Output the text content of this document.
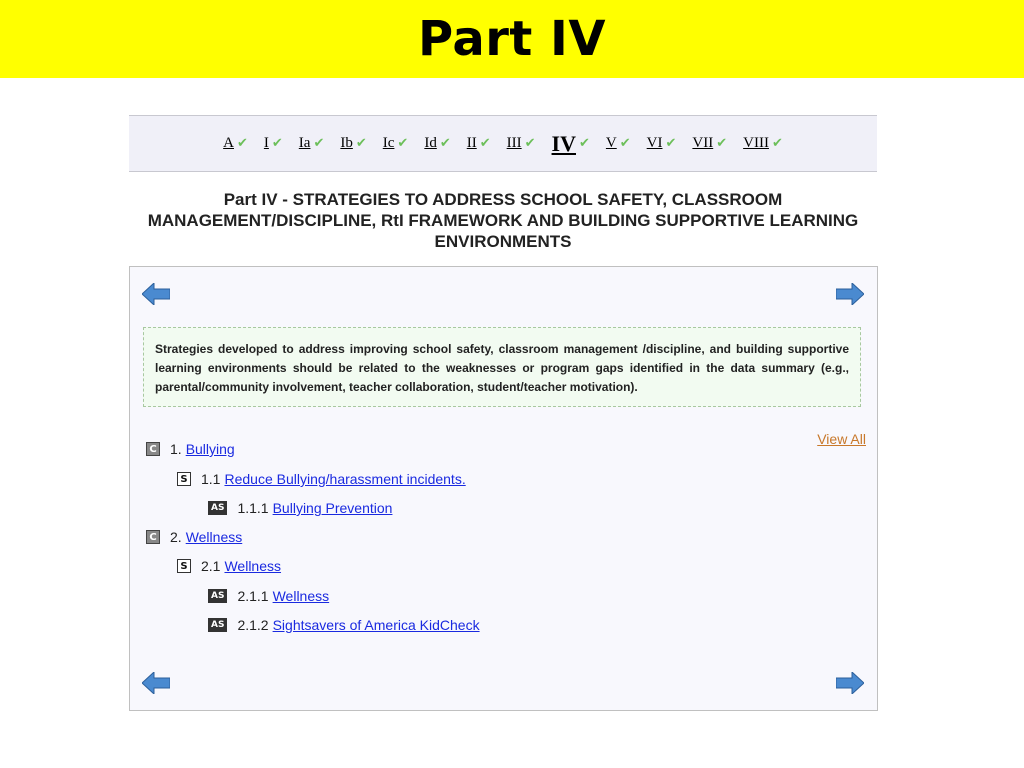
Part IV
A ✔ I ✔ Ia ✔ Ib ✔ Ic ✔ Id ✔ II ✔ III ✔ IV ✔ V ✔ VI ✔ VII ✔ VIII ✔
Part IV - STRATEGIES TO ADDRESS SCHOOL SAFETY, CLASSROOM MANAGEMENT/DISCIPLINE, RtI FRAMEWORK AND BUILDING SUPPORTIVE LEARNING ENVIRONMENTS
Strategies developed to address improving school safety, classroom management /discipline, and building supportive learning environments should be related to the weaknesses or program gaps identified in the data summary (e.g., parental/community involvement, teacher collaboration, student/teacher motivation).
View All
C 1. Bullying
S 1.1 Reduce Bullying/harassment incidents.
AS 1.1.1 Bullying Prevention
C 2. Wellness
S 2.1 Wellness
AS 2.1.1 Wellness
AS 2.1.2 Sightsavers of America KidCheck
